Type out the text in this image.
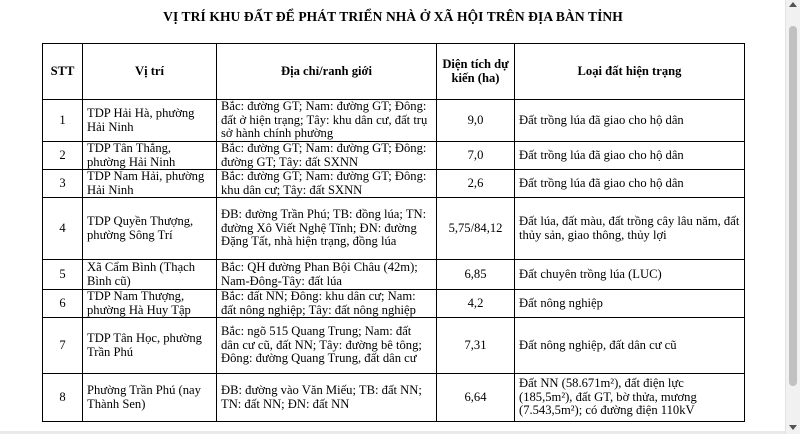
VỊ TRÍ KHU ĐẤT ĐỂ PHÁT TRIỂN NHÀ Ở XÃ HỘI TRÊN ĐỊA BÀN TỈNH
STT	Vị trí	Địa chỉ/ranh giới	Diện tích dự kiến (ha)	Loại đất hiện trạng
1	TDP Hải Hà, phường Hải Ninh	Bắc: đường GT; Nam: đường GT; Đông: đất ở hiện trạng; Tây: khu dân cư, đất trụ sở hành chính phường	9,0	Đất trồng lúa đã giao cho hộ dân
2	TDP Tân Thắng, phường Hải Ninh	Bắc: đường GT; Nam: đường GT; Đông: đường GT; Tây: đất SXNN	7,0	Đất trồng lúa đã giao cho hộ dân
3	TDP Nam Hải, phường Hải Ninh	Bắc: đường GT; Nam: đường GT; Đông: khu dân cư; Tây: đất SXNN	2,6	Đất trồng lúa đã giao cho hộ dân
4	TDP Quyền Thượng, phường Sông Trí	ĐB: đường Trần Phú; TB: đồng lúa; TN: đường Xô Viết Nghệ Tĩnh; ĐN: đường Đặng Tất, nhà hiện trạng, đồng lúa	5,75/84,12	Đất lúa, đất màu, đất trồng cây lâu năm, đất thủy sản, giao thông, thủy lợi
5	Xã Cẩm Bình (Thạch Bình cũ)	Bắc: QH đường Phan Bội Châu (42m); Nam-Đông-Tây: đất lúa	6,85	Đất chuyên trồng lúa (LUC)
6	TDP Nam Thượng, phường Hà Huy Tập	Bắc: đất NN; Đông: khu dân cư; Nam: đất nông nghiệp; Tây: đất nông nghiệp	4,2	Đất nông nghiệp
7	TDP Tân Học, phường Trần Phú	Bắc: ngõ 515 Quang Trung; Nam: đất dân cư cũ, đất NN; Tây: đường bê tông; Đông: đường Quang Trung, đất dân cư	7,31	Đất nông nghiệp, đất dân cư cũ
8	Phường Trần Phú (nay Thành Sen)	ĐB: đường vào Văn Miếu; TB: đất NN; TN: đất NN; ĐN: đất NN	6,64	Đất NN (58.671m²), đất điện lực (185,5m²), đất GT, bờ thửa, mương (7.543,5m²); có đường điện 110kV
